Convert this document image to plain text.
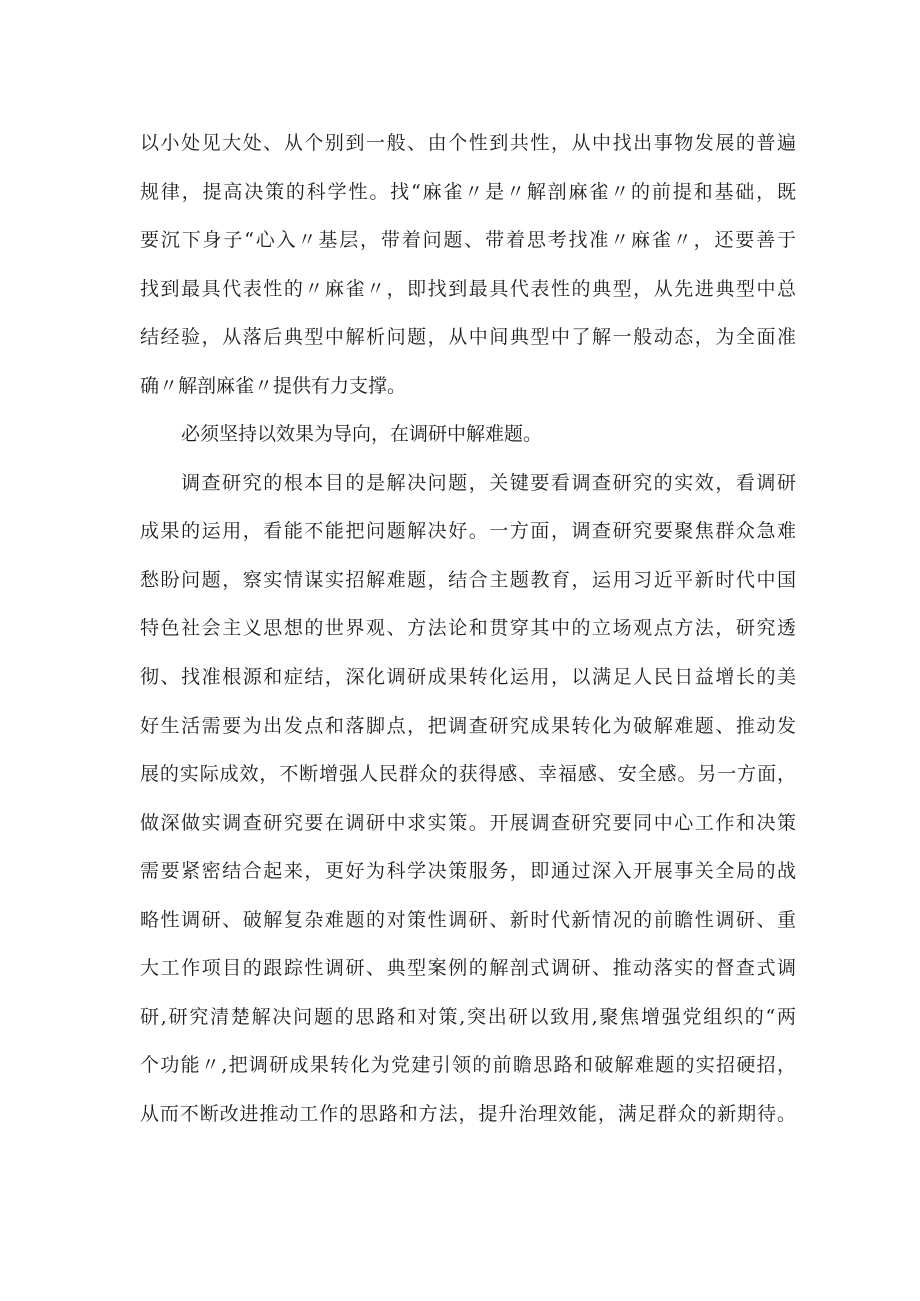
以小处见大处、从个别到一般、由个性到共性，从中找出事物发展的普遍
规律，提高决策的科学性。找“麻雀〃是〃解剖麻雀〃的前提和基础，既
要沉下身子“心入〃基层，带着问题、带着思考找准〃麻雀〃，还要善于
找到最具代表性的〃麻雀〃，即找到最具代表性的典型，从先进典型中总
结经验，从落后典型中解析问题，从中间典型中了解一般动态，为全面准
确〃解剖麻雀〃提供有力支撑。
必须坚持以效果为导向，在调研中解难题。
调查研究的根本目的是解决问题，关键要看调查研究的实效，看调研
成果的运用，看能不能把问题解决好。一方面，调查研究要聚焦群众急难
愁盼问题，察实情谋实招解难题，结合主题教育，运用习近平新时代中国
特色社会主义思想的世界观、方法论和贯穿其中的立场观点方法，研究透
彻、找准根源和症结，深化调研成果转化运用，以满足人民日益增长的美
好生活需要为出发点和落脚点，把调查研究成果转化为破解难题、推动发
展的实际成效，不断增强人民群众的获得感、幸福感、安全感。另一方面，
做深做实调查研究要在调研中求实策。开展调查研究要同中心工作和决策
需要紧密结合起来，更好为科学决策服务，即通过深入开展事关全局的战
略性调研、破解复杂难题的对策性调研、新时代新情况的前瞻性调研、重
大工作项目的跟踪性调研、典型案例的解剖式调研、推动落实的督查式调
研,研究清楚解决问题的思路和对策,突出研以致用,聚焦增强党组织的“两
个功能〃,把调研成果转化为党建引领的前瞻思路和破解难题的实招硬招，
从而不断改进推动工作的思路和方法，提升治理效能，满足群众的新期待。
